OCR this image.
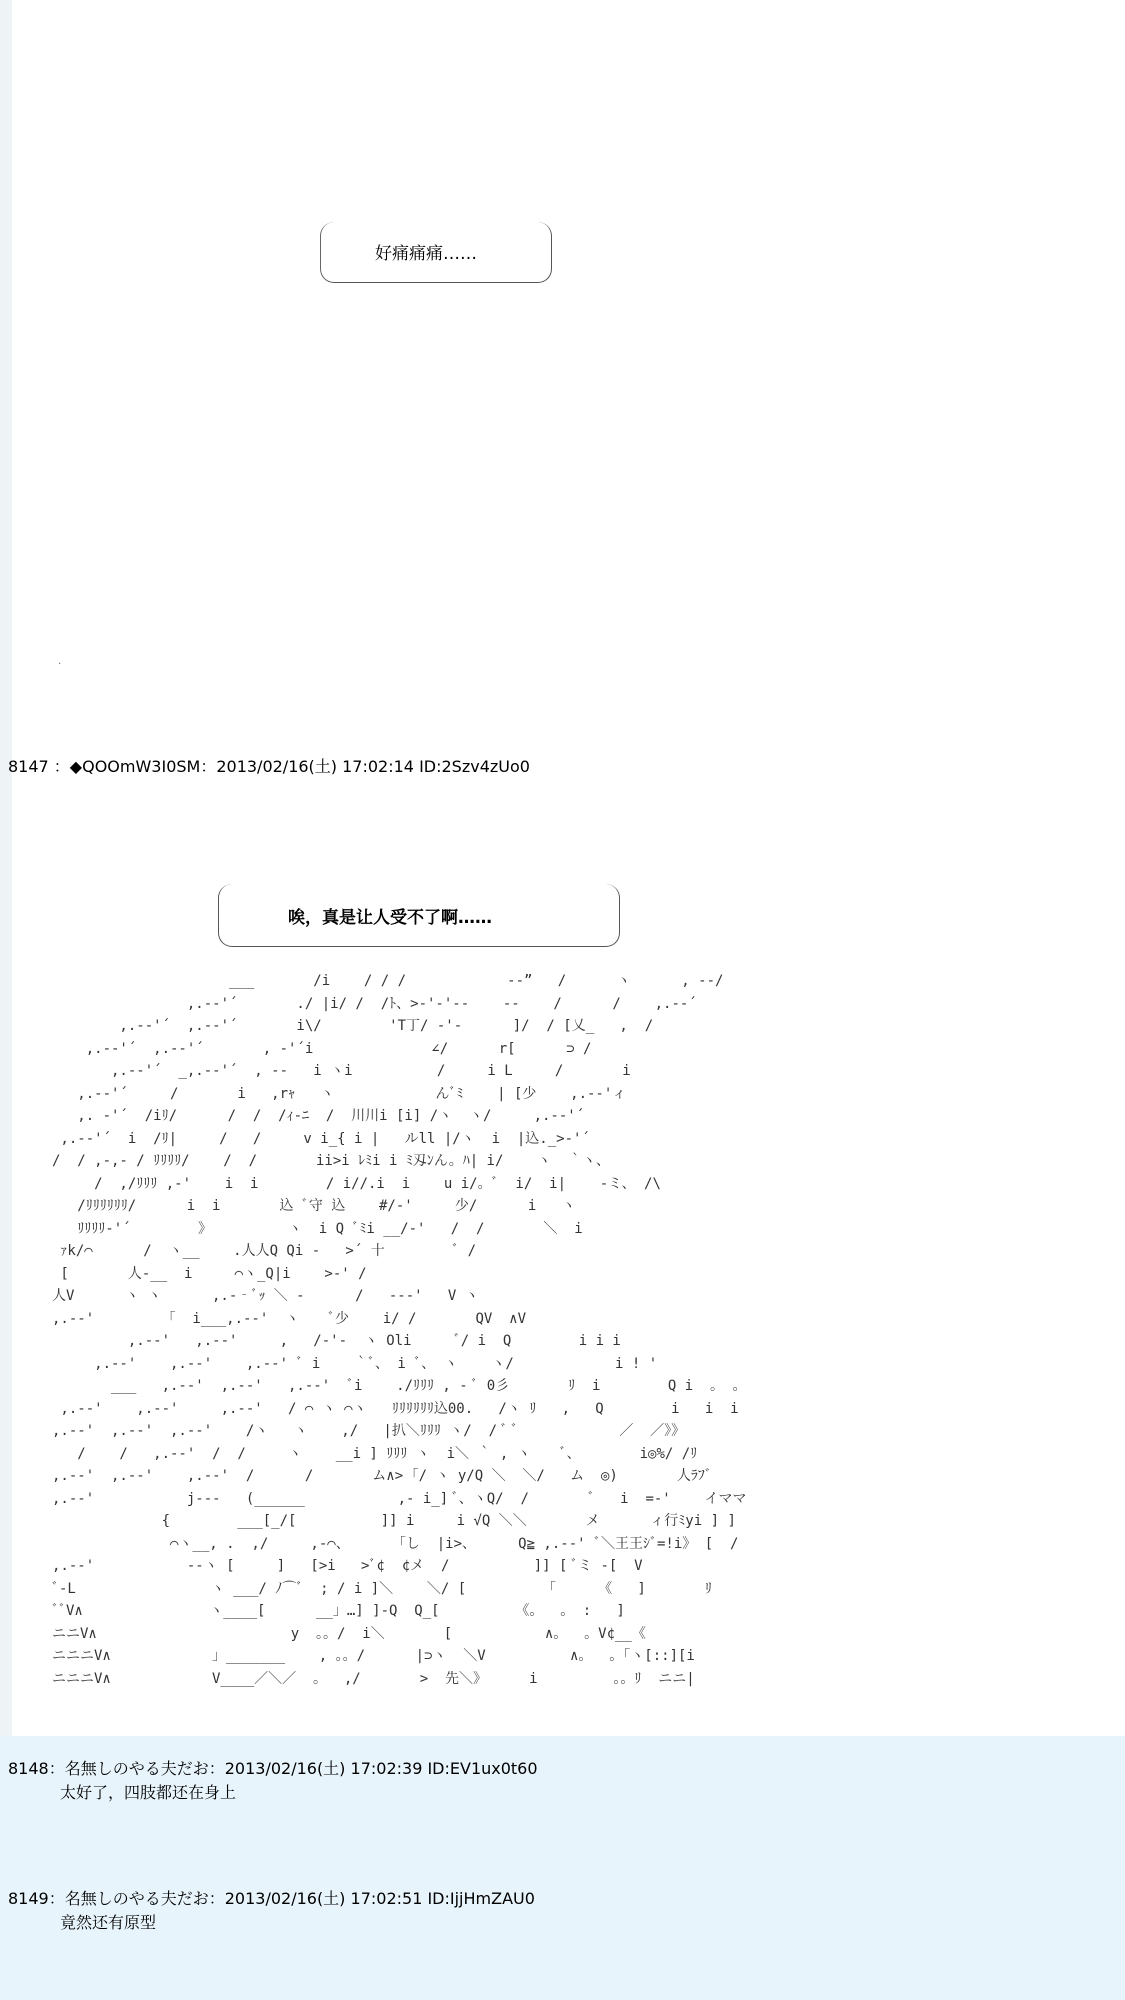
好痛痛痛……
.
8147 ：◆QOOmW3I0SM：2013/02/16(土) 17:02:14 ID:2Szv4zUo0
唉，真是让人受不了啊……
___       /i    / / /            ‐-”   /      ヽ      , -‐/
,.-‐'´       ./ |i/ /  /ﾄ、>‐'‐'‐‐    ‐-    /      /    ,.-‐´
,.-‐'´  ,.-‐'´       i\/        'T丁/ ‐'‐      ]/  / [乂_   ,  /
,.-‐'´  ,.-‐'´       , ‐'´i              ∠/      r[      ⊃ /
,.-‐'´  _,.-‐'´  , ‐-   i ヽi          /     i L     /       i
,.-‐'´     /       i   ,rｬ   ヽ            んﾞﾐ    | [少    ,.-‐'ィ
,. ‐'´  /iﾘ/      /  /  /ｨ‐ﾆ  /  川川i [i] /ヽ  ヽ/     ,.-‐'´
,.-‐'´  i  /ﾘ|     /   /     v i_{ i |   ルll |/ヽ  i  |込._>‐'´
/  / ,-,- / ﾘﾘﾘﾘ/    /  /       ii>i ﾚﾐi i ﾐ刄ﾝん。ﾊ| i/    ヽ  ｀ヽ、
/  ,/ﾘﾘﾘ ,‐'    i  i        / i//.i  i    u i/。ﾞ  i/  i|    ‐ミ、 /\
/ﾘﾘﾘﾘﾘﾘ/      i  i       込 ﾞ守 込    #/‐'     少/      i   ヽ
ﾘﾘﾘﾘ‐'´        》         ヽ  i Q ﾞﾐi __/‐'   /  /       ＼  i
ｧk/⌒      /  ヽ__    .人人Q Qi ‐   >´ 十        ﾞ /
[       人‐__  i     ⌒ヽ_Q|i    >‐' /
人V      ヽ ヽ      ,.-‐ﾞｯ ＼ ‐      /   ‐-‐'   V ヽ
,.-‐'        「  i___,.-‐'  ヽ    ﾞ少    i/ /       QV  ∧V
,.-‐'   ,.-‐'     ,   /‐'‐  ヽ Oli     ﾞ/ i  Q        i i i
,.-‐'    ,.-‐'    ,.-‐' ﾞ i    ｀ﾞ、 i ﾞ、 ヽ    ヽ/            i ! '
___   ,.-‐'  ,.-‐'   ,.-‐'  ﾞi    ./ﾘﾘﾘ , ‐ ﾞ 0彡       ﾘ  i        Q i  。 。
,.-‐'    ,.-‐'     ,.-‐'   / ⌒ ヽ ⌒ヽ   ﾘﾘﾘﾘﾘﾘ込00.   /ヽ ﾘ   ,   Q        i   i  i
,.-‐'  ,.-‐'  ,.-‐'    /ヽ   ヽ    ,/   |扒＼ﾘﾘﾘ ヽ/  / ﾞ ﾞ            ／  ／》》
/    /   ,.-‐'  /  /     ヽ    __i ] ﾘﾘﾘ ヽ  i＼ ｀ , ヽ    ﾞ、       i◎%/ /ﾘ
,.-‐'  ,.-‐'    ,.-‐'  /      /       ム∧> ｢/ ヽ y/Q ＼  ＼/   ム  ◎)       人ﾗﾌﾞ
,.-‐'           j‐‐‐   (______           ,- i_] ﾞ、ヽQ/  /       ﾞ   i  =‐'    イママ
{        ___[_/[          ]] i     i √Q ＼＼       メ      ィ行ﾐyi ] ]
⌒ヽ__, .  ,/     ,-⌒、     「し  |i>、     Q≧ ,.-‐' ﾞ＼王王ｼﾞ=!i》 [  /
,.-‐'           ‐‐ヽ [     ]   [>i   >ﾞ¢  ¢メ  /          ]] [ ﾞミ ‐[  V
ﾞ‐L                ヽ ___/ ﾉ⌒ﾞ  ; / i ]＼    ＼/ [         「     《   ]       ﾘ
ﾞﾞV∧               ヽ____[      __」…] ]‐Q  Q_[         《。  。 :   ]
ニニV∧                       y  。。/  i＼       [           ∧。  。V¢__《
ニニニV∧            」_______    , 。。/      |⊃ヽ  ＼V          ∧。  。｢ヽ[::][i
ニニニV∧            V____／＼／  。  ,/       >  先＼》     i         。。ﾘ  ニニ|
8148：名無しのやる夫だお：2013/02/16(土) 17:02:39 ID:EV1ux0t60
太好了，四肢都还在身上
8149：名無しのやる夫だお：2013/02/16(土) 17:02:51 ID:IjjHmZAU0
竟然还有原型
